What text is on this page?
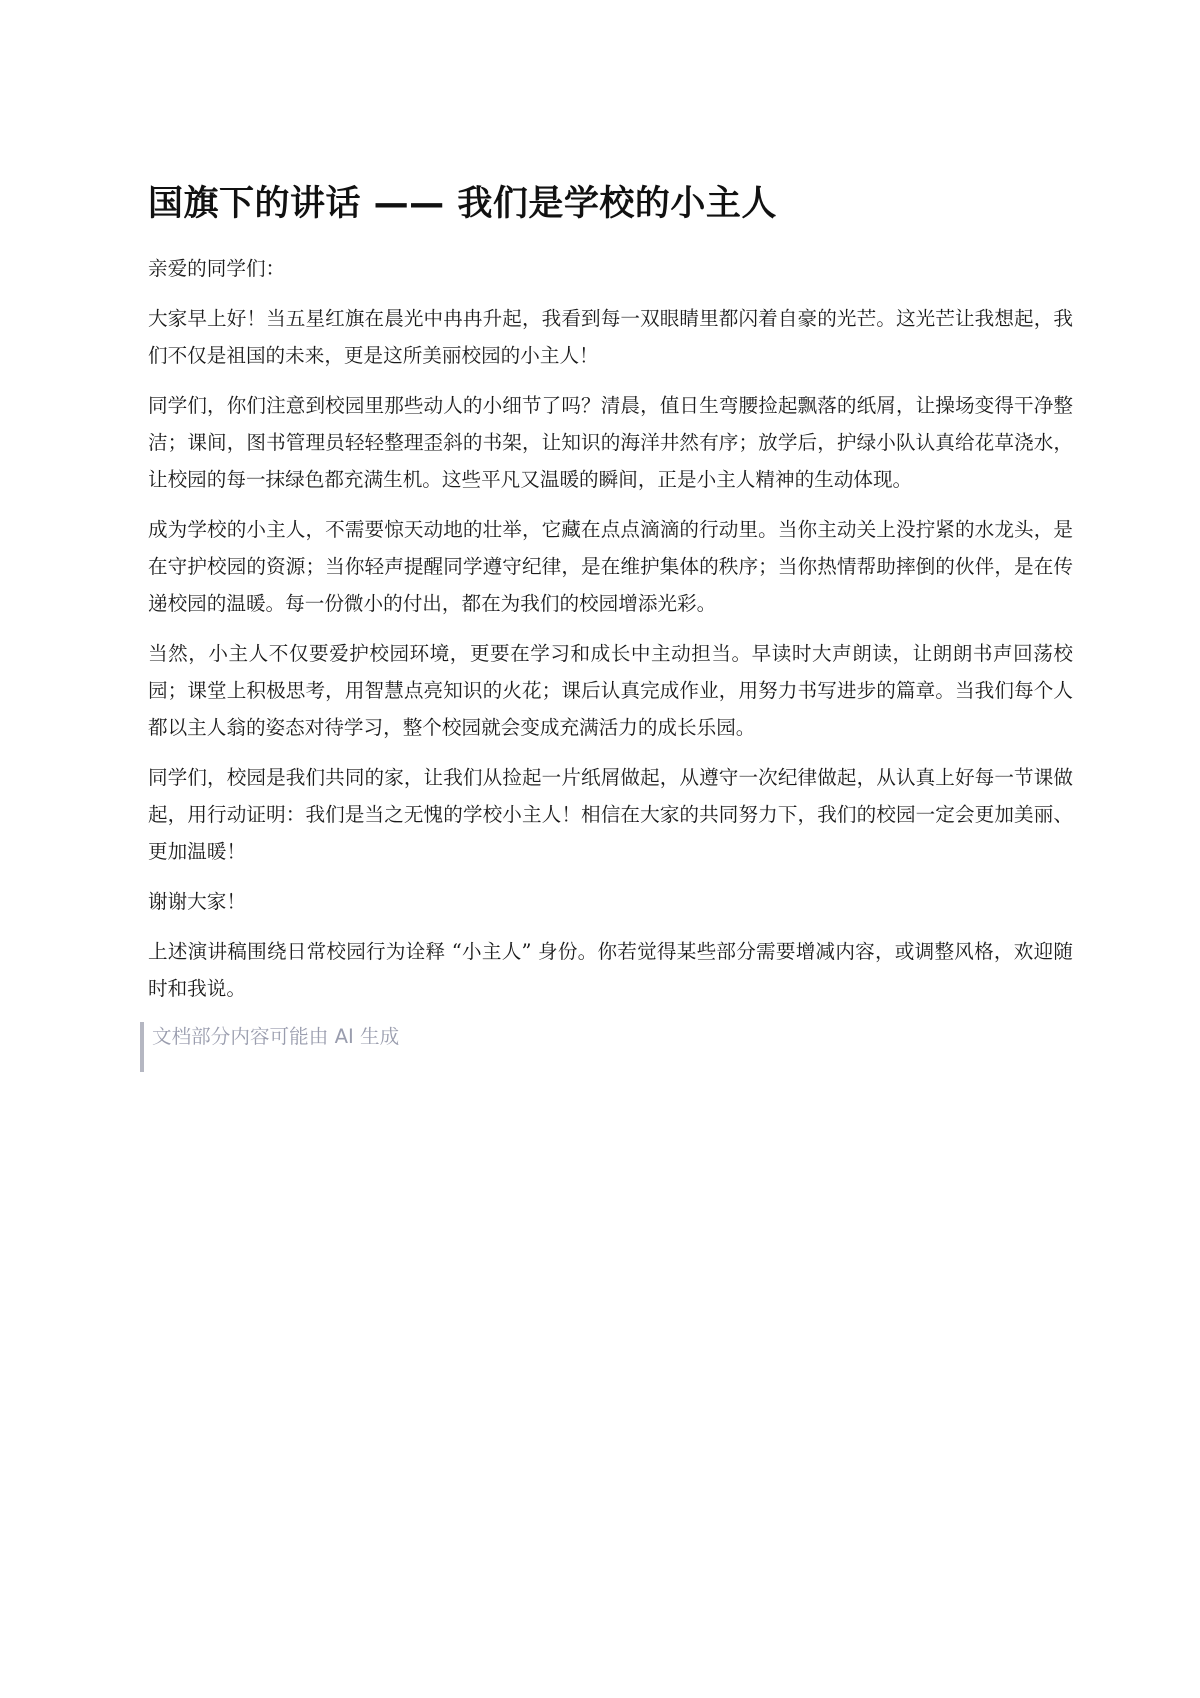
国旗下的讲话 —— 我们是学校的小主人

亲爱的同学们：

大家早上好！当五星红旗在晨光中冉冉升起，我看到每一双眼睛里都闪着自豪的光芒。这光芒让我想起，我们不仅是祖国的未来，更是这所美丽校园的小主人！

同学们，你们注意到校园里那些动人的小细节了吗？清晨，值日生弯腰捡起飘落的纸屑，让操场变得干净整洁；课间，图书管理员轻轻整理歪斜的书架，让知识的海洋井然有序；放学后，护绿小队认真给花草浇水，让校园的每一抹绿色都充满生机。这些平凡又温暖的瞬间，正是小主人精神的生动体现。

成为学校的小主人，不需要惊天动地的壮举，它藏在点点滴滴的行动里。当你主动关上没拧紧的水龙头，是在守护校园的资源；当你轻声提醒同学遵守纪律，是在维护集体的秩序；当你热情帮助摔倒的伙伴，是在传递校园的温暖。每一份微小的付出，都在为我们的校园增添光彩。

当然，小主人不仅要爱护校园环境，更要在学习和成长中主动担当。早读时大声朗读，让朗朗书声回荡校园；课堂上积极思考，用智慧点亮知识的火花；课后认真完成作业，用努力书写进步的篇章。当我们每个人都以主人翁的姿态对待学习，整个校园就会变成充满活力的成长乐园。

同学们，校园是我们共同的家，让我们从捡起一片纸屑做起，从遵守一次纪律做起，从认真上好每一节课做起，用行动证明：我们是当之无愧的学校小主人！相信在大家的共同努力下，我们的校园一定会更加美丽、更加温暖！

谢谢大家！

上述演讲稿围绕日常校园行为诠释 “小主人” 身份。你若觉得某些部分需要增减内容，或调整风格，欢迎随时和我说。

文档部分内容可能由 AI 生成
